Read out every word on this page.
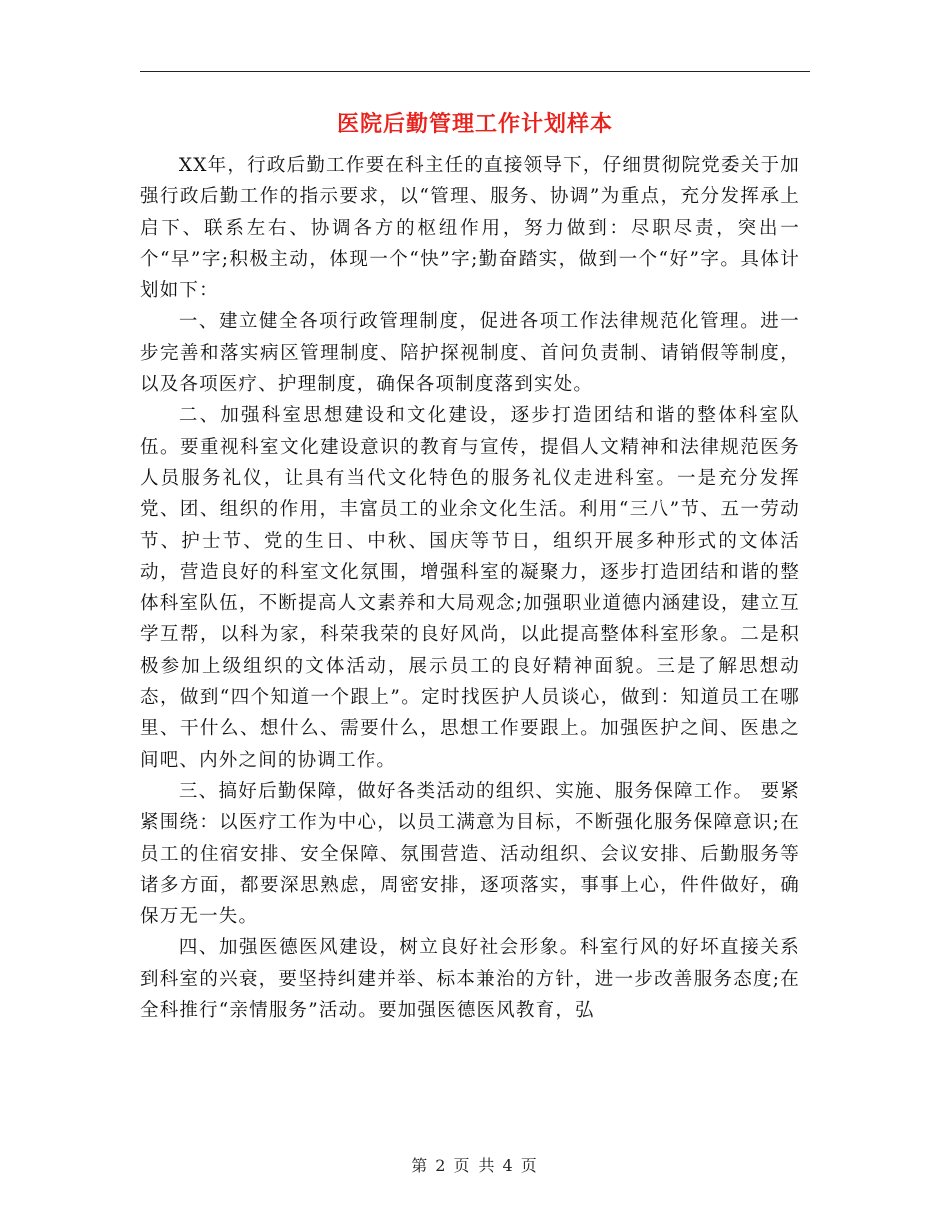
医院后勤管理工作计划样本

XX年，行政后勤工作要在科主任的直接领导下，仔细贯彻院党委关于加强行政后勤工作的指示要求，以“管理、服务、协调”为重点，充分发挥承上启下、联系左右、协调各方的枢纽作用，努力做到：尽职尽责，突出一个“早”字;积极主动，体现一个“快”字;勤奋踏实，做到一个“好”字。具体计划如下：

一、建立健全各项行政管理制度，促进各项工作法律规范化管理。进一步完善和落实病区管理制度、陪护探视制度、首问负责制、请销假等制度，以及各项医疗、护理制度，确保各项制度落到实处。

二、加强科室思想建设和文化建设，逐步打造团结和谐的整体科室队伍。要重视科室文化建设意识的教育与宣传，提倡人文精神和法律规范医务人员服务礼仪，让具有当代文化特色的服务礼仪走进科室。一是充分发挥党、团、组织的作用，丰富员工的业余文化生活。利用“三八”节、五一劳动节、护士节、党的生日、中秋、国庆等节日，组织开展多种形式的文体活动，营造良好的科室文化氛围，增强科室的凝聚力，逐步打造团结和谐的整体科室队伍，不断提高人文素养和大局观念;加强职业道德内涵建设，建立互学互帮，以科为家，科荣我荣的良好风尚，以此提高整体科室形象。二是积极参加上级组织的文体活动，展示员工的良好精神面貌。三是了解思想动态，做到“四个知道一个跟上”。定时找医护人员谈心，做到：知道员工在哪里、干什么、想什么、需要什么，思想工作要跟上。加强医护之间、医患之间吧、内外之间的协调工作。

三、搞好后勤保障，做好各类活动的组织、实施、服务保障工作。 要紧紧围绕：以医疗工作为中心，以员工满意为目标，不断强化服务保障意识;在员工的住宿安排、安全保障、氛围营造、活动组织、会议安排、后勤服务等诸多方面，都要深思熟虑，周密安排，逐项落实，事事上心，件件做好，确保万无一失。

四、加强医德医风建设，树立良好社会形象。科室行风的好坏直接关系到科室的兴衰，要坚持纠建并举、标本兼治的方针，进一步改善服务态度;在全科推行“亲情服务”活动。要加强医德医风教育，弘

第 2 页 共 4 页
